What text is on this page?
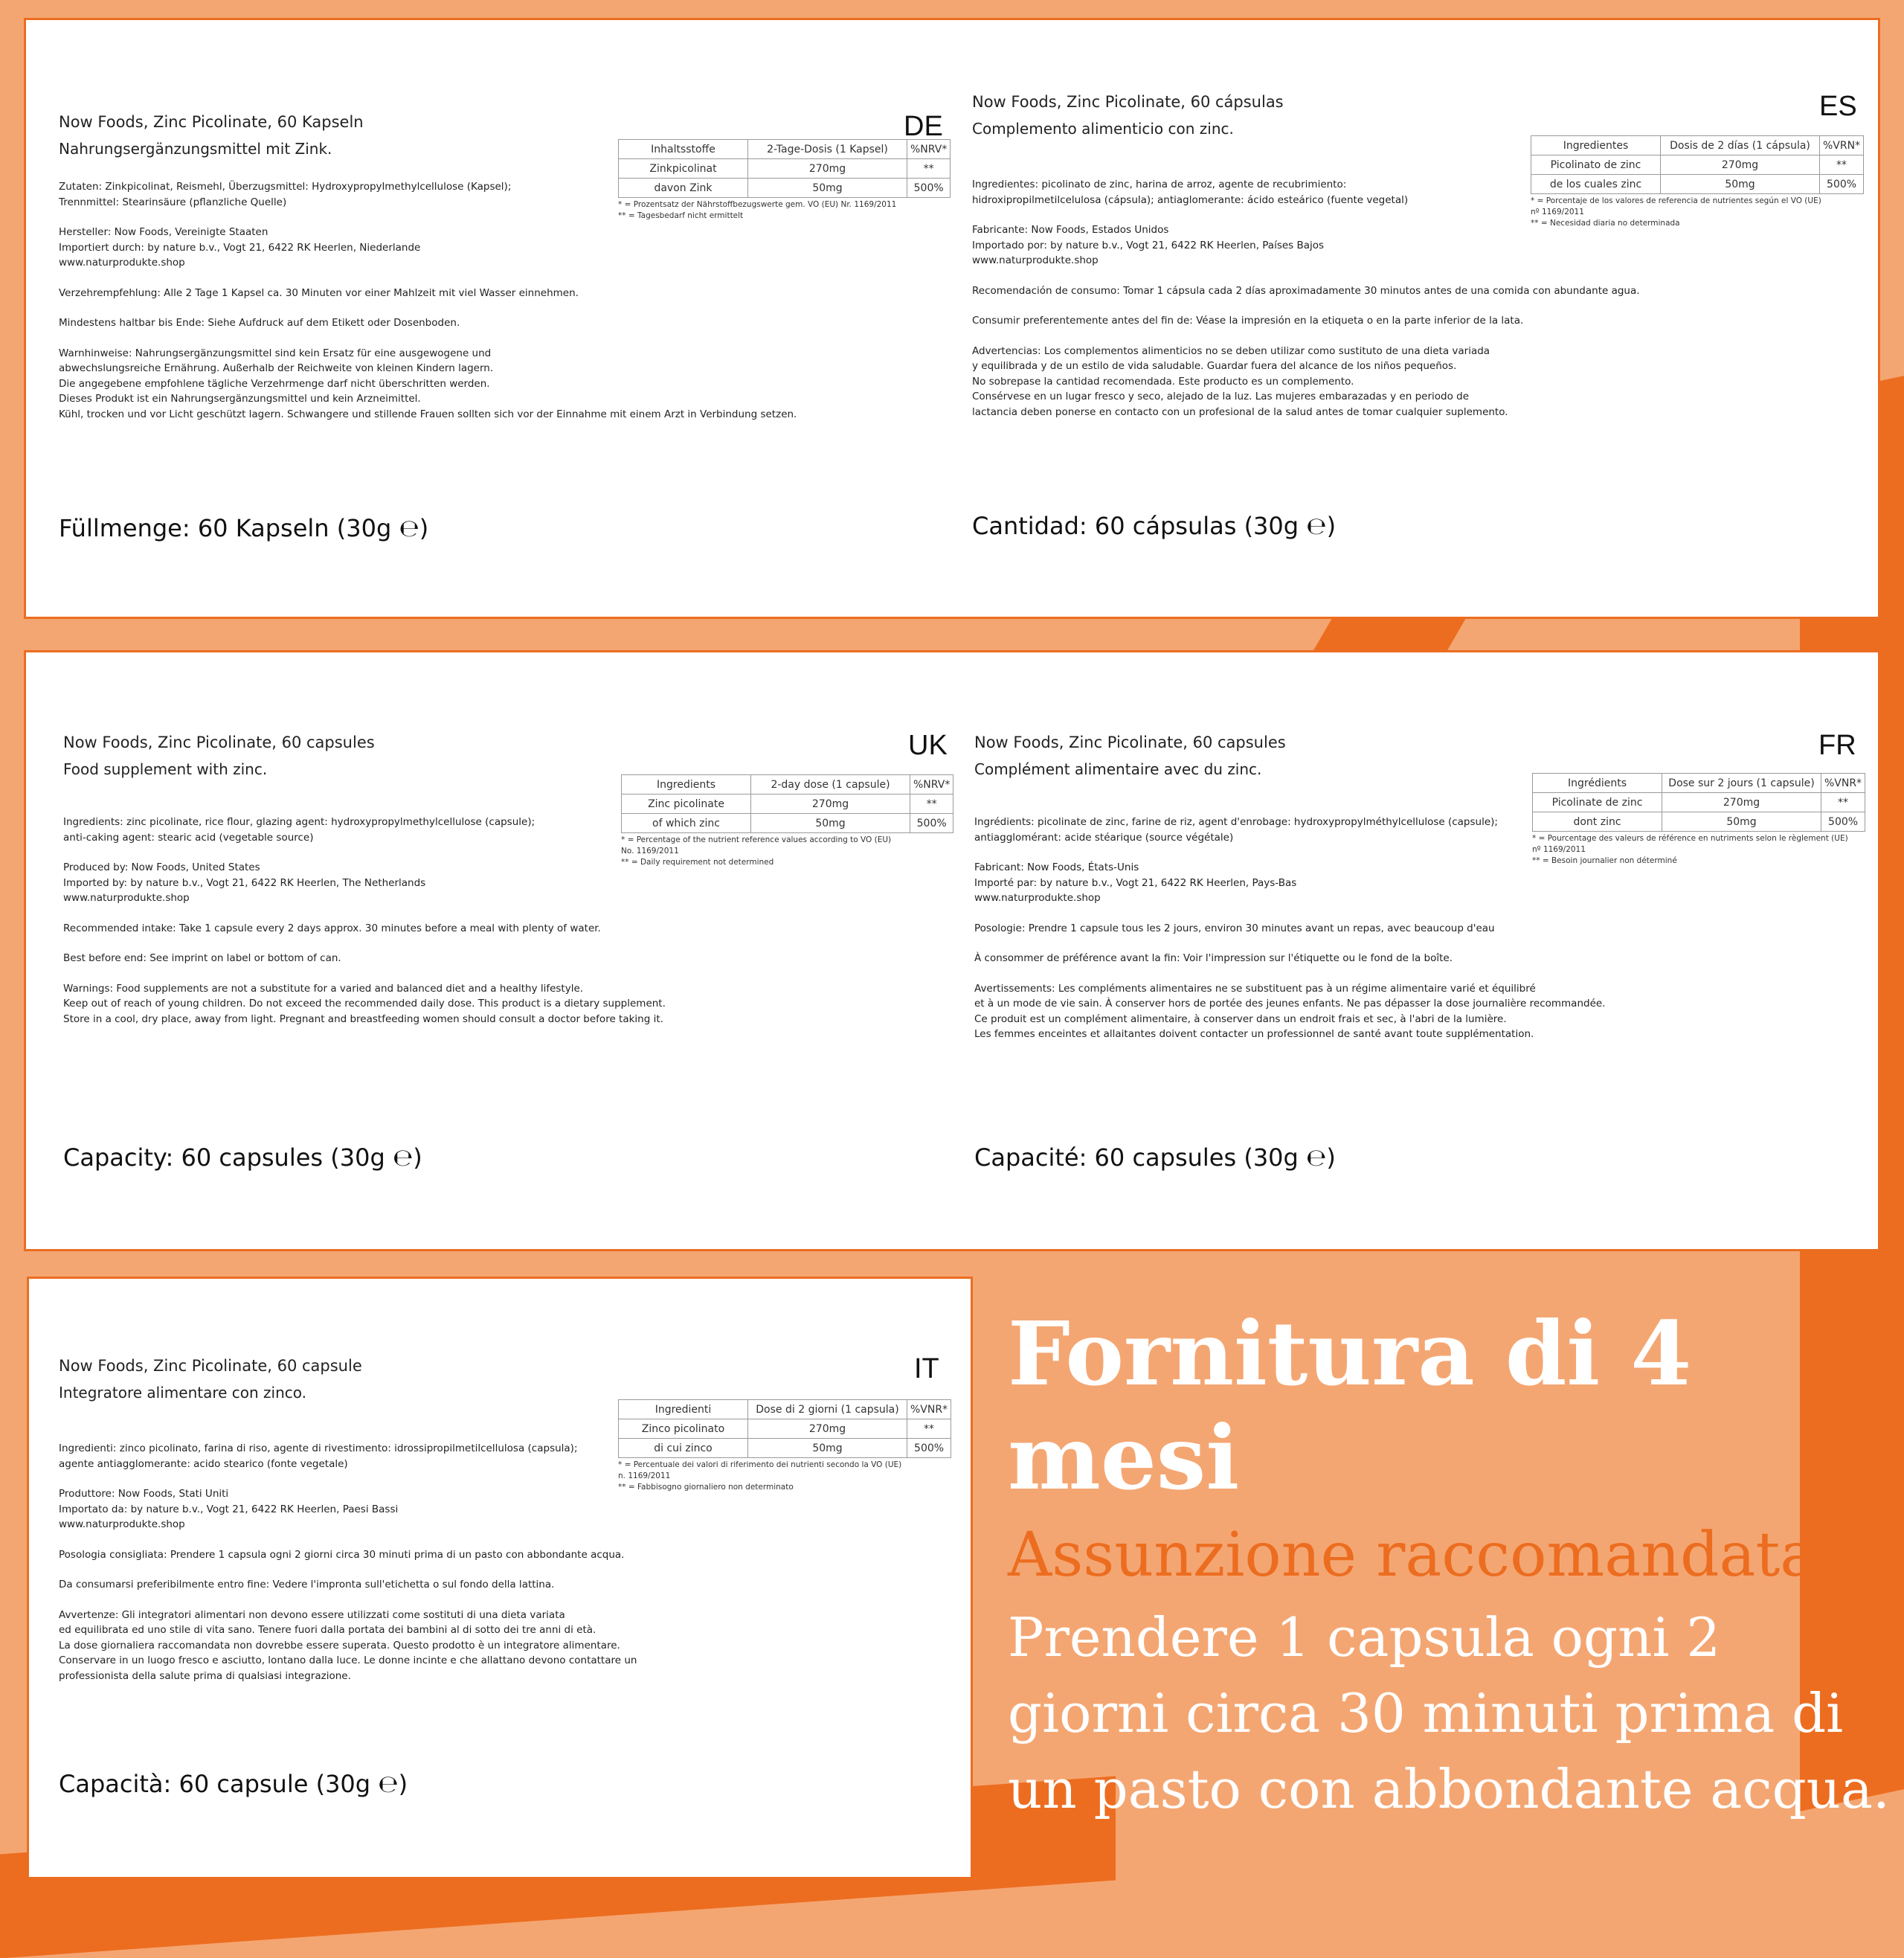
Now Foods, Zinc Picolinate, 60 Kapseln
Nahrungsergänzungsmittel mit Zink.
DE
Inhaltsstoffe	2-Tage-Dosis (1 Kapsel)	%NRV*
Zinkpicolinat	270mg	**
davon Zink	50mg	500%
* = Prozentsatz der Nährstoffbezugswerte gem. VO (EU) Nr. 1169/2011
** = Tagesbedarf nicht ermittelt
Zutaten: Zinkpicolinat, Reismehl, Überzugsmittel: Hydroxypropylmethylcellulose (Kapsel);
Trennmittel: Stearinsäure (pflanzliche Quelle)
Hersteller: Now Foods, Vereinigte Staaten
Importiert durch: by nature b.v., Vogt 21, 6422 RK Heerlen, Niederlande
www.naturprodukte.shop
Verzehrempfehlung: Alle 2 Tage 1 Kapsel ca. 30 Minuten vor einer Mahlzeit mit viel Wasser einnehmen.
Mindestens haltbar bis Ende: Siehe Aufdruck auf dem Etikett oder Dosenboden.
Warnhinweise: Nahrungsergänzungsmittel sind kein Ersatz für eine ausgewogene und
abwechslungsreiche Ernährung. Außerhalb der Reichweite von kleinen Kindern lagern.
Die angegebene empfohlene tägliche Verzehrmenge darf nicht überschritten werden.
Dieses Produkt ist ein Nahrungsergänzungsmittel und kein Arzneimittel.
Kühl, trocken und vor Licht geschützt lagern. Schwangere und stillende Frauen sollten sich vor der Einnahme mit einem Arzt in Verbindung setzen.
Füllmenge: 60 Kapseln (30g ℮)
Now Foods, Zinc Picolinate, 60 cápsulas
Complemento alimenticio con zinc.
ES
Ingredientes	Dosis de 2 días (1 cápsula)	%VRN*
Picolinato de zinc	270mg	**
de los cuales zinc	50mg	500%
* = Porcentaje de los valores de referencia de nutrientes según el VO (UE)
nº 1169/2011
** = Necesidad diaria no determinada
Ingredientes: picolinato de zinc, harina de arroz, agente de recubrimiento:
hidroxipropilmetilcelulosa (cápsula); antiaglomerante: ácido esteárico (fuente vegetal)
Fabricante: Now Foods, Estados Unidos
Importado por: by nature b.v., Vogt 21, 6422 RK Heerlen, Países Bajos
www.naturprodukte.shop
Recomendación de consumo: Tomar 1 cápsula cada 2 días aproximadamente 30 minutos antes de una comida con abundante agua.
Consumir preferentemente antes del fin de: Véase la impresión en la etiqueta o en la parte inferior de la lata.
Advertencias: Los complementos alimenticios no se deben utilizar como sustituto de una dieta variada
y equilibrada y de un estilo de vida saludable. Guardar fuera del alcance de los niños pequeños.
No sobrepase la cantidad recomendada. Este producto es un complemento.
Consérvese en un lugar fresco y seco, alejado de la luz. Las mujeres embarazadas y en periodo de
lactancia deben ponerse en contacto con un profesional de la salud antes de tomar cualquier suplemento.
Cantidad: 60 cápsulas (30g ℮)
Now Foods, Zinc Picolinate, 60 capsules
Food supplement with zinc.
UK
Ingredients	2-day dose (1 capsule)	%NRV*
Zinc picolinate	270mg	**
of which zinc	50mg	500%
* = Percentage of the nutrient reference values according to VO (EU)
No. 1169/2011
** = Daily requirement not determined
Ingredients: zinc picolinate, rice flour, glazing agent: hydroxypropylmethylcellulose (capsule);
anti-caking agent: stearic acid (vegetable source)
Produced by: Now Foods, United States
Imported by: by nature b.v., Vogt 21, 6422 RK Heerlen, The Netherlands
www.naturprodukte.shop
Recommended intake: Take 1 capsule every 2 days approx. 30 minutes before a meal with plenty of water.
Best before end: See imprint on label or bottom of can.
Warnings: Food supplements are not a substitute for a varied and balanced diet and a healthy lifestyle.
Keep out of reach of young children. Do not exceed the recommended daily dose. This product is a dietary supplement.
Store in a cool, dry place, away from light. Pregnant and breastfeeding women should consult a doctor before taking it.
Capacity: 60 capsules (30g ℮)
Now Foods, Zinc Picolinate, 60 capsules
Complément alimentaire avec du zinc.
FR
Ingrédients	Dose sur 2 jours (1 capsule)	%VNR*
Picolinate de zinc	270mg	**
dont zinc	50mg	500%
* = Pourcentage des valeurs de référence en nutriments selon le règlement (UE)
nº 1169/2011
** = Besoin journalier non déterminé
Ingrédients: picolinate de zinc, farine de riz, agent d'enrobage: hydroxypropylméthylcellulose (capsule);
antiagglomérant: acide stéarique (source végétale)
Fabricant: Now Foods, États-Unis
Importé par: by nature b.v., Vogt 21, 6422 RK Heerlen, Pays-Bas
www.naturprodukte.shop
Posologie: Prendre 1 capsule tous les 2 jours, environ 30 minutes avant un repas, avec beaucoup d'eau
À consommer de préférence avant la fin: Voir l'impression sur l'étiquette ou le fond de la boîte.
Avertissements: Les compléments alimentaires ne se substituent pas à un régime alimentaire varié et équilibré
et à un mode de vie sain. À conserver hors de portée des jeunes enfants. Ne pas dépasser la dose journalière recommandée.
Ce produit est un complément alimentaire, à conserver dans un endroit frais et sec, à l'abri de la lumière.
Les femmes enceintes et allaitantes doivent contacter un professionnel de santé avant toute supplémentation.
Capacité: 60 capsules (30g ℮)
Now Foods, Zinc Picolinate, 60 capsule
Integratore alimentare con zinco.
IT
Ingredienti	Dose di 2 giorni (1 capsula)	%VNR*
Zinco picolinato	270mg	**
di cui zinco	50mg	500%
* = Percentuale dei valori di riferimento dei nutrienti secondo la VO (UE)
n. 1169/2011
** = Fabbisogno giornaliero non determinato
Ingredienti: zinco picolinato, farina di riso, agente di rivestimento: idrossipropilmetilcellulosa (capsula);
agente antiagglomerante: acido stearico (fonte vegetale)
Produttore: Now Foods, Stati Uniti
Importato da: by nature b.v., Vogt 21, 6422 RK Heerlen, Paesi Bassi
www.naturprodukte.shop
Posologia consigliata: Prendere 1 capsula ogni 2 giorni circa 30 minuti prima di un pasto con abbondante acqua.
Da consumarsi preferibilmente entro fine: Vedere l'impronta sull'etichetta o sul fondo della lattina.
Avvertenze: Gli integratori alimentari non devono essere utilizzati come sostituti di una dieta variata
ed equilibrata ed uno stile di vita sano. Tenere fuori dalla portata dei bambini al di sotto dei tre anni di età.
La dose giornaliera raccomandata non dovrebbe essere superata. Questo prodotto è un integratore alimentare.
Conservare in un luogo fresco e asciutto, lontano dalla luce. Le donne incinte e che allattano devono contattare un
professionista della salute prima di qualsiasi integrazione.
Capacità: 60 capsule (30g ℮)
Fornitura di 4 mesi
Assunzione raccomandata:
Prendere 1 capsula ogni 2 giorni circa 30 minuti prima di un pasto con abbondante acqua.
